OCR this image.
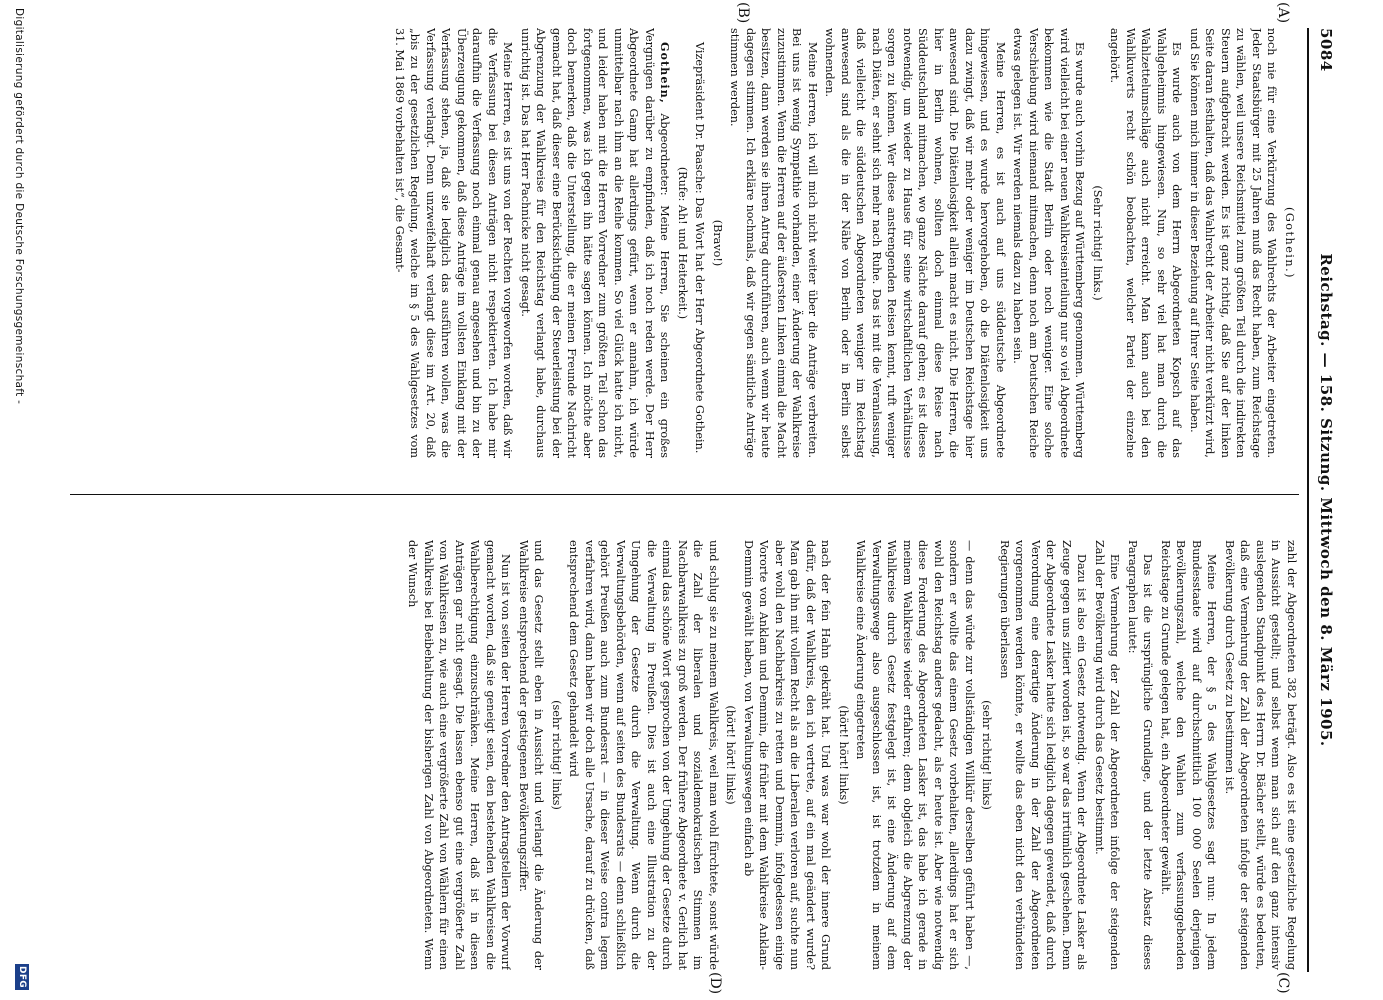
5084
Reichstag. — 158. Sitzung. Mittwoch den 8. März 1905.
(A)
(B)
(C)
(D)

(Gothein.)

noch nie für eine Verkürzung des Wahlrechts der Arbeiter eingetreten. Jeder Staatsbürger mit 25 Jahren muß das Recht haben, zum Reichstage zu wählen, weil unsere Reichsmittel zum größten Teil durch die indirekten Steuern aufgebracht werden. Es ist ganz richtig, daß Sie auf der linken Seite daran festhalten, daß das Wahlrecht der Arbeiter nicht verkürzt wird, und Sie können mich immer in dieser Beziehung auf Ihrer Seite haben.

Es wurde auch von dem Herrn Abgeordneten Kopsch auf das Wahlgeheimnis hingewiesen. Nun, so sehr viel hat man durch die Wahlzettelumschläge auch nicht erreicht. Man kann auch bei den Wahlkuverts recht schön beobachten, welcher Partei der einzelne angehört.

(Sehr richtig! links.)

Es wurde auch vorhin Bezug auf Württemberg genommen. Württemberg wird vielleicht bei einer neuen Wahlkreiseinteilung nur so viel Abgeordnete bekommen wie die Stadt Berlin oder noch weniger. Eine solche Verschiebung wird niemand mitmachen, denn noch am Deutschen Reiche etwas gelegen ist. Wir werden niemals dazu zu haben sein.

Meine Herren, es ist auch auf uns süddeutsche Abgeordnete hingewiesen, und es wurde hervorgehoben, ob die Diätenlosigkeit uns dazu zwingt, daß wir mehr oder weniger im Deutschen Reichstage hier anwesend sind. Die Diätenlosigkeit allein macht es nicht. Die Herren, die hier in Berlin wohnen, sollten doch einmal diese Reise nach Süddeutschland mitmachen, wo ganze Nächte darauf gehen; es ist dieses notwendig, um wieder zu Hause für seine wirtschaftlichen Verhältnisse sorgen zu können. Wer diese anstrengenden Reisen kennt, ruft weniger nach Diäten, er sehnt sich mehr nach Ruhe. Das ist mit die Veranlassung, daß vielleicht die süddeutschen Abgeordneten weniger im Reichstag anwesend sind als die in der Nähe von Berlin oder in Berlin selbst wohnenden.

Meine Herren, ich will mich nicht weiter über die Anträge verbreiten. Bei uns ist wenig Sympathie vorhanden, einer Änderung der Wahlkreise zuzustimmen. Wenn die Herren auf der äußersten Linken einmal die Macht besitzen, dann werden sie ihren Antrag durchführen, auch wenn wir heute dagegen stimmen. Ich erkläre nochmals, daß wir gegen sämtliche Anträge stimmen werden.

(Bravo!)

Vizepräsident Dr. Paasche: Das Wort hat der Herr Abgeordnete Gothein.

(Rufe: Ah! und Heiterkeit.)

Gothein, Abgeordneter: Meine Herren, Sie scheinen ein großes Vergnügen darüber zu empfinden, daß ich noch reden werde. Der Herr Abgeordnete Gamp hat allerdings gefürt, wenn er annahm, ich würde unmittelbar nach ihm an die Reihe kommen. So viel Glück hatte ich nicht, und leider haben mit die Herren Vorredner zum größten Teil schon das fortgenommen, was ich gegen ihn hätte sagen können. Ich möchte aber doch bemerken, daß die Unterstellung, die er meinen Freunde Nachricht gemacht hat, daß dieser eine Berücksichtigung der Steuerleistung bei der Abgrenzung der Wahlkreise für den Reichstag verlangt habe, durchaus unrichtig ist. Das hat Herr Pachnicke nicht gesagt.

Meine Herren, es ist uns von der Rechten vorgeworfen worden, daß wir die Verfassung bei diesen Anträgen nicht respektierten. Ich habe mir daraufhin die Verfassung noch einmal genau angesehen und bin zu der Überzeugung gekommen, daß diese Anträge im vollsten Einklang mit der Verfassung stehen, ja, daß sie lediglich das ausführen wollen, was die Verfassung verlangt. Denn unzweifelhaft verlangt diese im Art. 20, daß „bis zu der gesetzlichen Regelung, welche im § 5 des Wahlgesetzes vom 31. Mai 1869 vorbehalten ist“, die Gesamt-

zahl der Abgeordneten 382 beträgt. Also es ist eine gesetzliche Regelung in Aussicht gestellt; und selbst wenn man sich auf den ganz intensiv auslegenden Standpunkt des Herrn Dr. Bächer stellt, würde es bedeuten, daß eine Vermehrung der Zahl der Abgeordneten infolge der steigenden Bevölkerung durch Gesetz zu bestimmen ist.

Meine Herren, der § 5 des Wahlgesetzes sagt nun: In jedem Bundesstaate wird auf durchschnittlich 100 000 Seelen derjenigen Bevölkerungszahl, welche den Wahlen zum verfassunggebenden Reichstage zu Grunde gelegen hat, ein Abgeordneter gewählt.

Das ist die ursprüngliche Grundlage, und der letzte Absatz dieses Paragraphen lautet:

Eine Vermehrung der Zahl der Abgeordneten infolge der steigenden Zahl der Bevölkerung wird durch das Gesetz bestimmt.

Dazu ist also ein Gesetz notwendig. Wenn der Abgeordnete Lasker als Zeuge gegen uns zitiert worden ist, so war das irrtümlich geschehen. Denn der Abgeordnete Lasker hatte sich lediglich dagegen gewendet, daß durch Verordnung eine derartige Änderung in der Zahl der Abgeordneten vorgenommen werden könnte, er wollte das eben nicht den verbündeten Regierungen überlassen

(sehr richtig! links)

— denn das würde zur vollständigen Willkür derselben geführt haben —, sondern er wollte das einem Gesetz vorbehalten, allerdings hat er sich wohl den Reichstag anders gedacht, als er heute ist. Aber wie notwendig diese Forderung des Abgeordneten Lasker ist, das habe ich gerade in meinem Wahlkreise wieder erfahren; denn obgleich die Abgrenzung der Wahlkreise durch Gesetz festgelegt ist, ist eine Änderung auf dem Verwaltungswege also ausgeschlossen ist, ist trotzdem in meinem Wahlkreise eine Änderung eingetreten

(hört! hört! links)

nach der fein Hahn gekräht hat. Und was war wohl der innere Grund dafür, daß der Wahlkreis, den ich vertrete, auf ein mal geändert wurde? Man gab ihn mit vollem Recht als an die Liberalen verloren auf, suchte nun aber wohl den Nachbarkreis zu retten und Demmin, infolgedessen einige Vororte von Anklam und Demmin, die früher mit dem Wahlkreise Anklam-Demmin gewählt haben, von Verwaltungswegen einfach ab

(hört! hört! links)

und schlug sie zu meinem Wahlkreis, weil man wohl fürchtete, sonst würde die Zahl der liberalen und sozialdemokratischen Stimmen im Nachbarwahlkreis zu groß werden. Der frühere Abgeordnete v. Gerlich hat einmal das schöne Wort gesprochen von der Umgehung der Gesetze durch die Verwaltung in Preußen. Dies ist auch eine Illustration zu der Umgehung der Gesetze durch die Verwaltung. Wenn durch die Verwaltungsbehörden, wenn auf seiten des Bundesrats — denn schließlich gehört Preußen auch zum Bundesrat — in dieser Weise contra legem verfahren wird, dann haben wir doch alle Ursache, darauf zu drücken, daß entsprechend dem Gesetz gehandelt wird

(sehr richtig! links)

und das Gesetz stellt eben in Aussicht und verlangt die Änderung der Wahlkreise entsprechend der gestiegenen Bevölkerungsziffer.

Nun ist von seiten der Herren Vorredner den Antragstellern der Vorwurf gemacht worden, daß sie geneigt seien, den bestehenden Wahlkreisen die Wahlberechtigung einzuschränken. Meine Herren, daß ist in diesen Anträgen gar nicht gesagt. Die lassen ebenso gut eine vergrößerte Zahl von Wahlkreisen zu, wie auch eine vergrößerte Zahl von Wählern für einen Wahlkreis bei Beibehaltung der bisherigen Zahl von Abgeordneten. Wenn der Wunsch

Digitalisierung gefördert durch die Deutsche Forschungsgemeinschaft -
DFG
